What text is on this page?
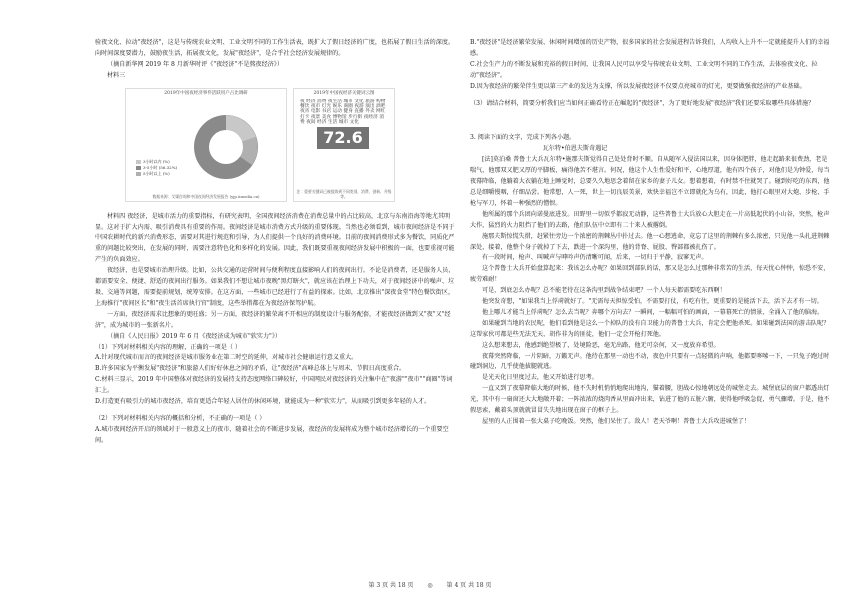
验夜文化、拉动"夜经济"，这是与传统农业文明、工业文明不同的工作生活表，既扩大了假日经济的广度，也拓展了假日生活的深度。向时间深度要潜力，鼓励夜生活，拓展夜文化，发展"夜经济"，是合乎社会经济发展规律的。

（摘自新华网 2019 年 8 月新华时评《"夜经济"不是熬夜经济》）

材料三

2019年中国夜经济事件活跃用户占比调研
3小时以内 (%)
3-5小时 (56.32%)
5小时以上 (%)
数据来源：艾媒咨询和中国夜间经济发展报告 (yjp.iimedia.cn)
2019年中国夜经济关键词云图
夜 经济 消费 夜生活 城市 文化 旅游 购物 餐饮 夜市 灯光 娱乐 商圈 夜游 演出 酒吧 夜宵 电影 书店 运动 健身 直播 外卖 网红 打卡 夜景 美食 博物馆 步行街 夜经济 消费 夜间 经济 生活 城市 文化
72.6
注：重要关键词已被提炼到不同类别，消费、创新、升级等。

材料四 夜经济，是城市活力的重要指标，有研究表明，全国夜间经济消费在消费总量中的占比较高，北京与东南沿海等地尤其明显。这对于扩大内需、吸引消费具有重要的作用。夜间经济是城市消费方式升级的重要体现。当然也必须看到，城市夜间经济是不同于中国农耕时代的新兴消费形态，需要对其进行规范和引导，为人们提供一个良好的消费环境。目前的夜间消费形式多为餐饮，同质化严重的问题比较突出，在发展的同时，需要注意特色化和多样化的发展。因此，我们既要重视夜间经济发展中积极的一面，也要重视可能产生的负面效应。

夜经济，也是要城市治理升级。比如，公共交通的运营时间与便利程度直接影响人们的夜间出行。不论是消费者，还是服务人员，都需要安全、便捷、舒适的夜间出行服务。如果我们不想让城市夜晚"黑灯瞎火"，就应该在治理上下功夫，对于夜间经济中的噪声、垃圾、交通等问题，需要提前规划，统筹安排。在这方面，一些城市已经进行了有益的探索。比如，北京推出"深夜食堂"特色餐饮街区，上海推行"夜间区长"和"夜生活首席执行官"制度，这些举措都在为夜经济保驾护航。

一方面，夜经济需求比想象的更旺盛；另一方面，夜经济的繁荣离不开相应的制度设计与服务配套，才能夜经济做到又"夜"又"经济"，成为城市的一张新名片。

（摘自《人民日报》2019 年 6 月《夜经济成为城市"软实力"》）

（1）下列对材料相关内容的理解，正确的一项是（ ）

A.针对现代城市而言的夜间经济是城市服务业在第二时空的延伸，对城市社会健康运行意义重大。

B.许多国家为平衡发展"夜经济"和旅游人们好好休息之间的矛盾，让"夜经济"高峰总体上与周末、节假日高度重合。

C.材料三显示，2019 年中国整体对夜经济的发展持支持态度网络口碑较好，中国网民对夜经济的关注集中在"夜游""夜市""商圈"等词汇上。

D.打造更有吸引力的城市夜经济，培育更适合年轻人居住的休闲环境，就能成为一种"软实力"，从而吸引到更多年轻的人才。

（2）下列对材料相关内容的概括和分析，不正确的一项是（ ）

A.城市夜间经济开启的领域对于一般意义上的夜市，随着社会的不断进步发展，夜经济的发展将成为整个城市经济增长的一个重要空间。

B."夜经济"是经济繁荣发展、休闲时间增加的历史产物，很多国家的社会发展进程告诉我们，人均收入上升不一定就能提升人们的幸福感。

C.社会生产力的不断发展和充裕的假日时间，让我国人民可以享受与传统农业文明、工业文明不同的工作生活，去体验夜文化、拉动"夜经济"。

D.因为夜经济的繁荣伴生更以第三产业的发达为支撑，所以发展夜经济不仅要点亮城市的灯光，更要做强夜经济的产业基础。

（3）请结合材料，简要分析我们应当如何正确看待正在崛起的"夜经济"，为了更好地发展"夜经济"我们还要采取哪些具体措施？

3. 阅读下面的文字，完成下列各小题。

瓦尔特•伯恩夫斯奇遇记

[法]莫泊桑 普鲁士大兵瓦尔特•施那夫斯觉得自己处处背时不顺。自从随军入侵法国以来，因身体肥胖，他走起路来很费劲，老是喘气，他那双又肥又厚的平脚板，痛得他苦不堪言。何况，他这个人生性爱好和平，心地厚道，他有四个孩子，对他们是为钟爱，每当夜幕降临，他躺着大衣躺在地上睡觉时，总要久久地思念着留在家乡的妻子儿女。想着想着，有时禁不住就哭了。碰到好吃的东西，他总是细嚼慢咽，仔细品尝。他常想，人一死，世上一切良辰美景，欢快幸福岂不立即就化为乌有，因此，他打心眼里对大炮、步枪、手枪与军刀，怀着一种强烈的憎恨。

他所属的那个兵团向诺曼底进发。田野里一切似乎都寂无动静，这些普鲁士大兵放心大胆走在一片高低起伏的小山谷，突然，枪声大作，猛烈的火力阻挡了他们的去路，他们队伍中立即有二十来人被撂倒。

施那夫斯惊慌失措，赶紧往旁边一个浓密的荆棘丛中扑过去。他一心想逃命，竟忘了这里的荆棘有多么浓密，只见他一头扎进荆棘深处，接着，他整个身子就掉了下去，跌进一个深沟里，他的背脊、屁股、臀部都被扎伤了。

有一段时间，枪声、叫喊声与呻吟声仍清晰可闻，后来，一切归于平静，寂寥无声。

这个普鲁士大兵开始盘算起来：我该怎么办呢？如果回到部队的话，那又是怎么过那种非常苦的生活，每天忧心忡忡，惊恐不安，疲劳难耐！

可是，到底怎么办呢？总不能老待在这条沟里到战争结束吧？一个人每天都需要吃东西啊！

他突发奇想，"如果我当上俘虏就好了。"无需每天担惊受怕，不需要打仗，有吃有住，更重要的是能活下去，活下去才有一切。

他上哪儿才能当上俘虏呢？怎么去当呢？奔哪个方向去？一瞬间，一幅幅可怕的画面，一幕幕死亡的情景，全涌入了他的脑海。

如果碰到当地的农民呢，他们看到他是这么一个掉队的没有自卫能力的普鲁士大兵，肯定会把他杀死。如果碰到法国的游击队呢？这帮家伙可都是些无法无天、胡作非为的匪徒，他们一定会开枪打死他。

这么想来想去，他感到绝望极了，处境险恶，毫无出路，他无可奈何，又一度放弃希望。

夜幕突然降临，一片阴暗，万籁无声。他待在那里一动也不动，夜色中只要有一点轻微的声响，他都要哆嗦一下，一只兔子跑过时碰到洞边，几乎使他拔腿就逃。

是光天化日里度过去，他又开始进行思考。

一直又到了夜幕降临大地的时候，他不失时机悄悄地爬出地沟，猫着腰，胆战心惊地朝远处的城堡走去。城堡底层的窗户都透出灯光，其中有一扇窗还大大地敞开着；一阵浓浓的烧肉香从里面冲出来，钻进了他的五脏六腑，使得他呼吸急促，勇气骤增。于是，他不假思索，戴着头顶就就冒冒失失地出现在窗子的框子上。

屋里的人正围着一张大桌子吃晚饭。突然，他们呆住了。敌人！老天爷啊！普鲁士大兵攻进城堡了！

第 3 页 共 18 页 ◎ 第 4 页 共 18 页
